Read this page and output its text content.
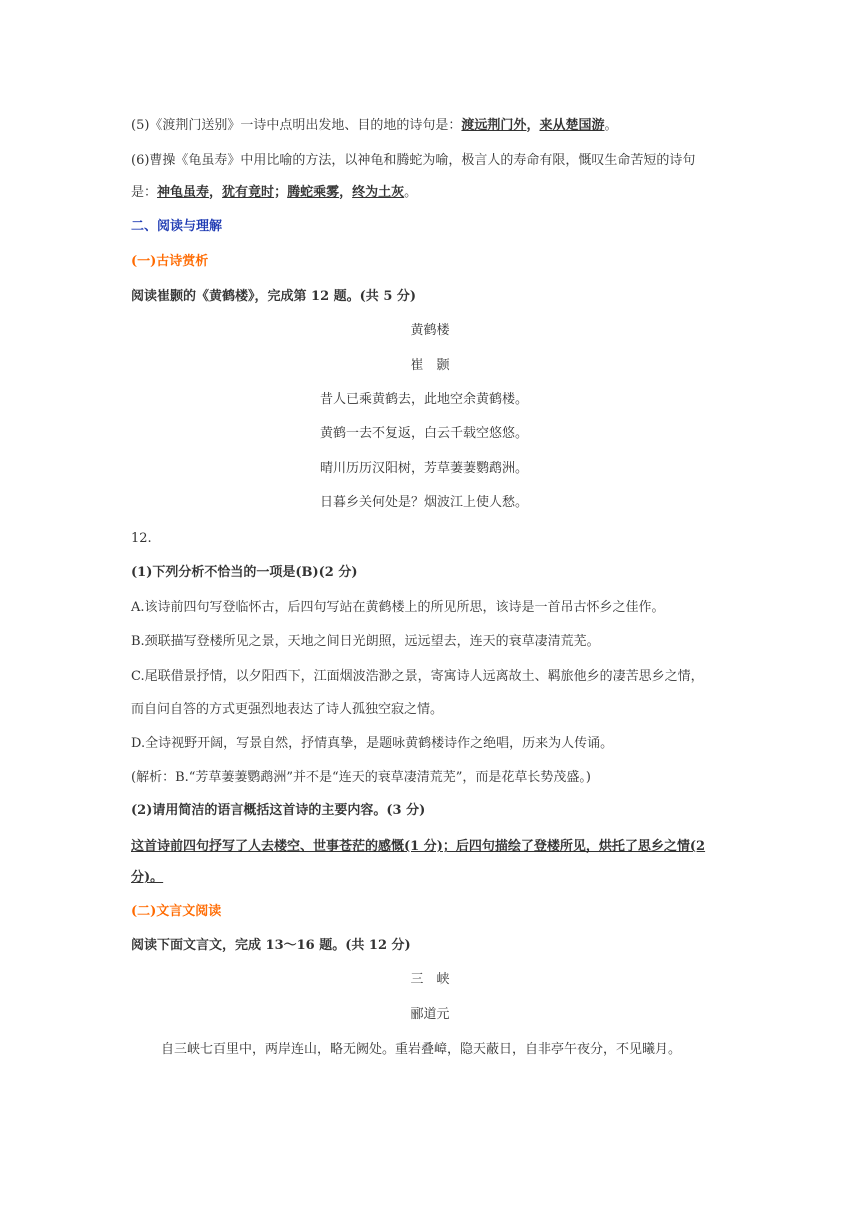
(5)《渡荆门送别》一诗中点明出发地、目的地的诗句是：渡远荆门外，来从楚国游。
(6)曹操《龟虽寿》中用比喻的方法，以神龟和腾蛇为喻，极言人的寿命有限，慨叹生命苦短的诗句
是：神龟虽寿，犹有竟时；腾蛇乘雾，终为土灰。
二、阅读与理解
(一)古诗赏析
阅读崔颢的《黄鹤楼》，完成第 12 题。(共 5 分)
黄鹤楼
崔　颢
昔人已乘黄鹤去，此地空余黄鹤楼。
黄鹤一去不复返，白云千载空悠悠。
晴川历历汉阳树，芳草萋萋鹦鹉洲。
日暮乡关何处是？烟波江上使人愁。
12.
(1)下列分析不恰当的一项是(B)(2 分)
A.该诗前四句写登临怀古，后四句写站在黄鹤楼上的所见所思，该诗是一首吊古怀乡之佳作。
B.颈联描写登楼所见之景，天地之间日光朗照，远远望去，连天的衰草凄清荒芜。
C.尾联借景抒情，以夕阳西下，江面烟波浩渺之景，寄寓诗人远离故土、羁旅他乡的凄苦思乡之情，
而自问自答的方式更强烈地表达了诗人孤独空寂之情。
D.全诗视野开阔，写景自然，抒情真挚，是题咏黄鹤楼诗作之绝唱，历来为人传诵。
(解析：B.“芳草萋萋鹦鹉洲”并不是“连天的衰草凄清荒芜”，而是花草长势茂盛。)
(2)请用简洁的语言概括这首诗的主要内容。(3 分)
这首诗前四句抒写了人去楼空、世事苍茫的感慨(1 分)；后四句描绘了登楼所见，烘托了思乡之情(2
分)。
(二)文言文阅读
阅读下面文言文，完成 13～16 题。(共 12 分)
三　峡
郦道元
自三峡七百里中，两岸连山，略无阙处。重岩叠嶂，隐天蔽日，自非亭午夜分，不见曦月。
